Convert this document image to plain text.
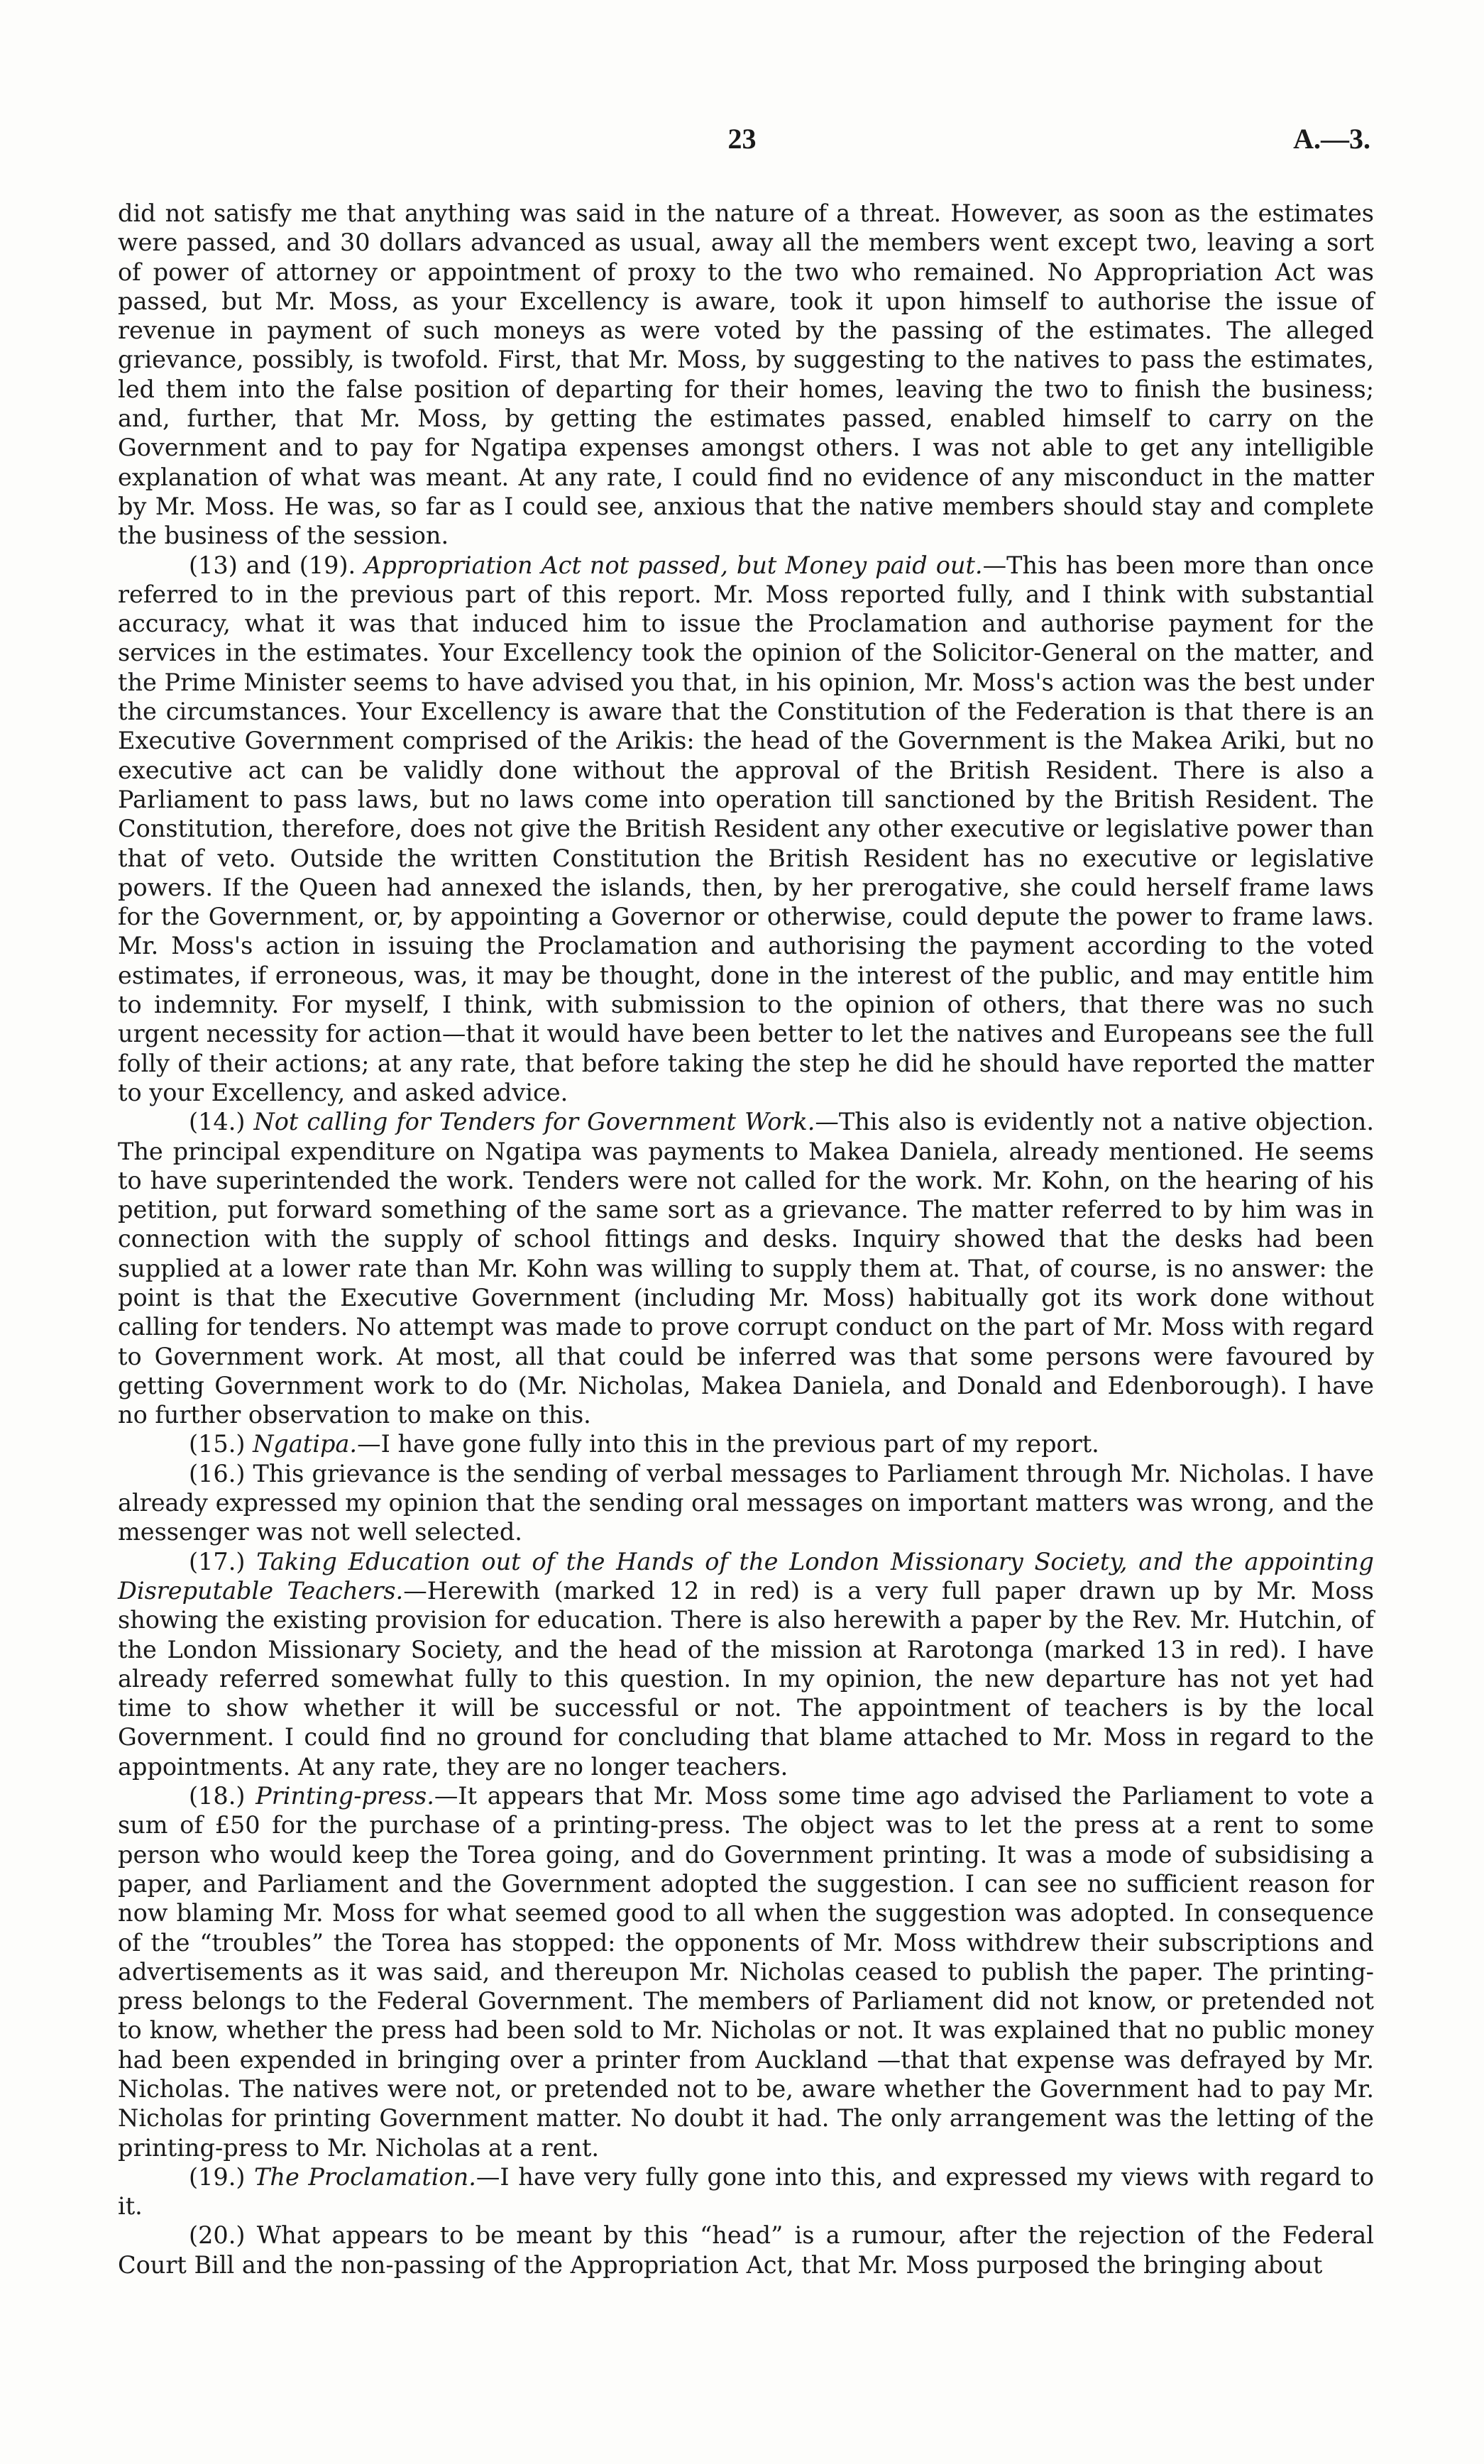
23	A.—3.

did not satisfy me that anything was said in the nature of a threat. However, as soon as the estimates were passed, and 30 dollars advanced as usual, away all the members went except two, leaving a sort of power of attorney or appointment of proxy to the two who remained. No Appropriation Act was passed, but Mr. Moss, as your Excellency is aware, took it upon himself to authorise the issue of revenue in payment of such moneys as were voted by the passing of the estimates. The alleged grievance, possibly, is twofold. First, that Mr. Moss, by suggesting to the natives to pass the estimates, led them into the false position of departing for their homes, leaving the two to finish the business; and, further, that Mr. Moss, by getting the estimates passed, enabled himself to carry on the Government and to pay for Ngatipa expenses amongst others. I was not able to get any intelligible explanation of what was meant. At any rate, I could find no evidence of any misconduct in the matter by Mr. Moss. He was, so far as I could see, anxious that the native members should stay and complete the business of the session.

(13) and (19). Appropriation Act not passed, but Money paid out.—This has been more than once referred to in the previous part of this report. Mr. Moss reported fully, and I think with substantial accuracy, what it was that induced him to issue the Proclamation and authorise payment for the services in the estimates. Your Excellency took the opinion of the Solicitor-General on the matter, and the Prime Minister seems to have advised you that, in his opinion, Mr. Moss's action was the best under the circumstances. Your Excellency is aware that the Constitution of the Federation is that there is an Executive Government comprised of the Arikis: the head of the Government is the Makea Ariki, but no executive act can be validly done without the approval of the British Resident. There is also a Parliament to pass laws, but no laws come into operation till sanctioned by the British Resident. The Constitution, therefore, does not give the British Resident any other executive or legislative power than that of veto. Outside the written Constitution the British Resident has no executive or legislative powers. If the Queen had annexed the islands, then, by her prerogative, she could herself frame laws for the Government, or, by appointing a Governor or otherwise, could depute the power to frame laws. Mr. Moss's action in issuing the Proclamation and authorising the payment according to the voted estimates, if erroneous, was, it may be thought, done in the interest of the public, and may entitle him to indemnity. For myself, I think, with submission to the opinion of others, that there was no such urgent necessity for action—that it would have been better to let the natives and Europeans see the full folly of their actions; at any rate, that before taking the step he did he should have reported the matter to your Excellency, and asked advice.

(14.) Not calling for Tenders for Government Work.—This also is evidently not a native objection. The principal expenditure on Ngatipa was payments to Makea Daniela, already mentioned. He seems to have superintended the work. Tenders were not called for the work. Mr. Kohn, on the hearing of his petition, put forward something of the same sort as a grievance. The matter referred to by him was in connection with the supply of school fittings and desks. Inquiry showed that the desks had been supplied at a lower rate than Mr. Kohn was willing to supply them at. That, of course, is no answer: the point is that the Executive Government (including Mr. Moss) habitually got its work done without calling for tenders. No attempt was made to prove corrupt conduct on the part of Mr. Moss with regard to Government work. At most, all that could be inferred was that some persons were favoured by getting Government work to do (Mr. Nicholas, Makea Daniela, and Donald and Edenborough). I have no further observation to make on this.

(15.) Ngatipa.—I have gone fully into this in the previous part of my report.

(16.) This grievance is the sending of verbal messages to Parliament through Mr. Nicholas. I have already expressed my opinion that the sending oral messages on important matters was wrong, and the messenger was not well selected.

(17.) Taking Education out of the Hands of the London Missionary Society, and the appointing Disreputable Teachers.—Herewith (marked 12 in red) is a very full paper drawn up by Mr. Moss showing the existing provision for education. There is also herewith a paper by the Rev. Mr. Hutchin, of the London Missionary Society, and the head of the mission at Rarotonga (marked 13 in red). I have already referred somewhat fully to this question. In my opinion, the new departure has not yet had time to show whether it will be successful or not. The appointment of teachers is by the local Government. I could find no ground for concluding that blame attached to Mr. Moss in regard to the appointments. At any rate, they are no longer teachers.

(18.) Printing-press.—It appears that Mr. Moss some time ago advised the Parliament to vote a sum of £50 for the purchase of a printing-press. The object was to let the press at a rent to some person who would keep the Torea going, and do Government printing. It was a mode of subsidising a paper, and Parliament and the Government adopted the suggestion. I can see no sufficient reason for now blaming Mr. Moss for what seemed good to all when the suggestion was adopted. In consequence of the “troubles” the Torea has stopped: the opponents of Mr. Moss withdrew their subscriptions and advertisements as it was said, and thereupon Mr. Nicholas ceased to publish the paper. The printing-press belongs to the Federal Government. The members of Parliament did not know, or pretended not to know, whether the press had been sold to Mr. Nicholas or not. It was explained that no public money had been expended in bringing over a printer from Auckland —that that expense was defrayed by Mr. Nicholas. The natives were not, or pretended not to be, aware whether the Government had to pay Mr. Nicholas for printing Government matter. No doubt it had. The only arrangement was the letting of the printing-press to Mr. Nicholas at a rent.

(19.) The Proclamation.—I have very fully gone into this, and expressed my views with regard to it.

(20.) What appears to be meant by this “head” is a rumour, after the rejection of the Federal Court Bill and the non-passing of the Appropriation Act, that Mr. Moss purposed the bringing about
